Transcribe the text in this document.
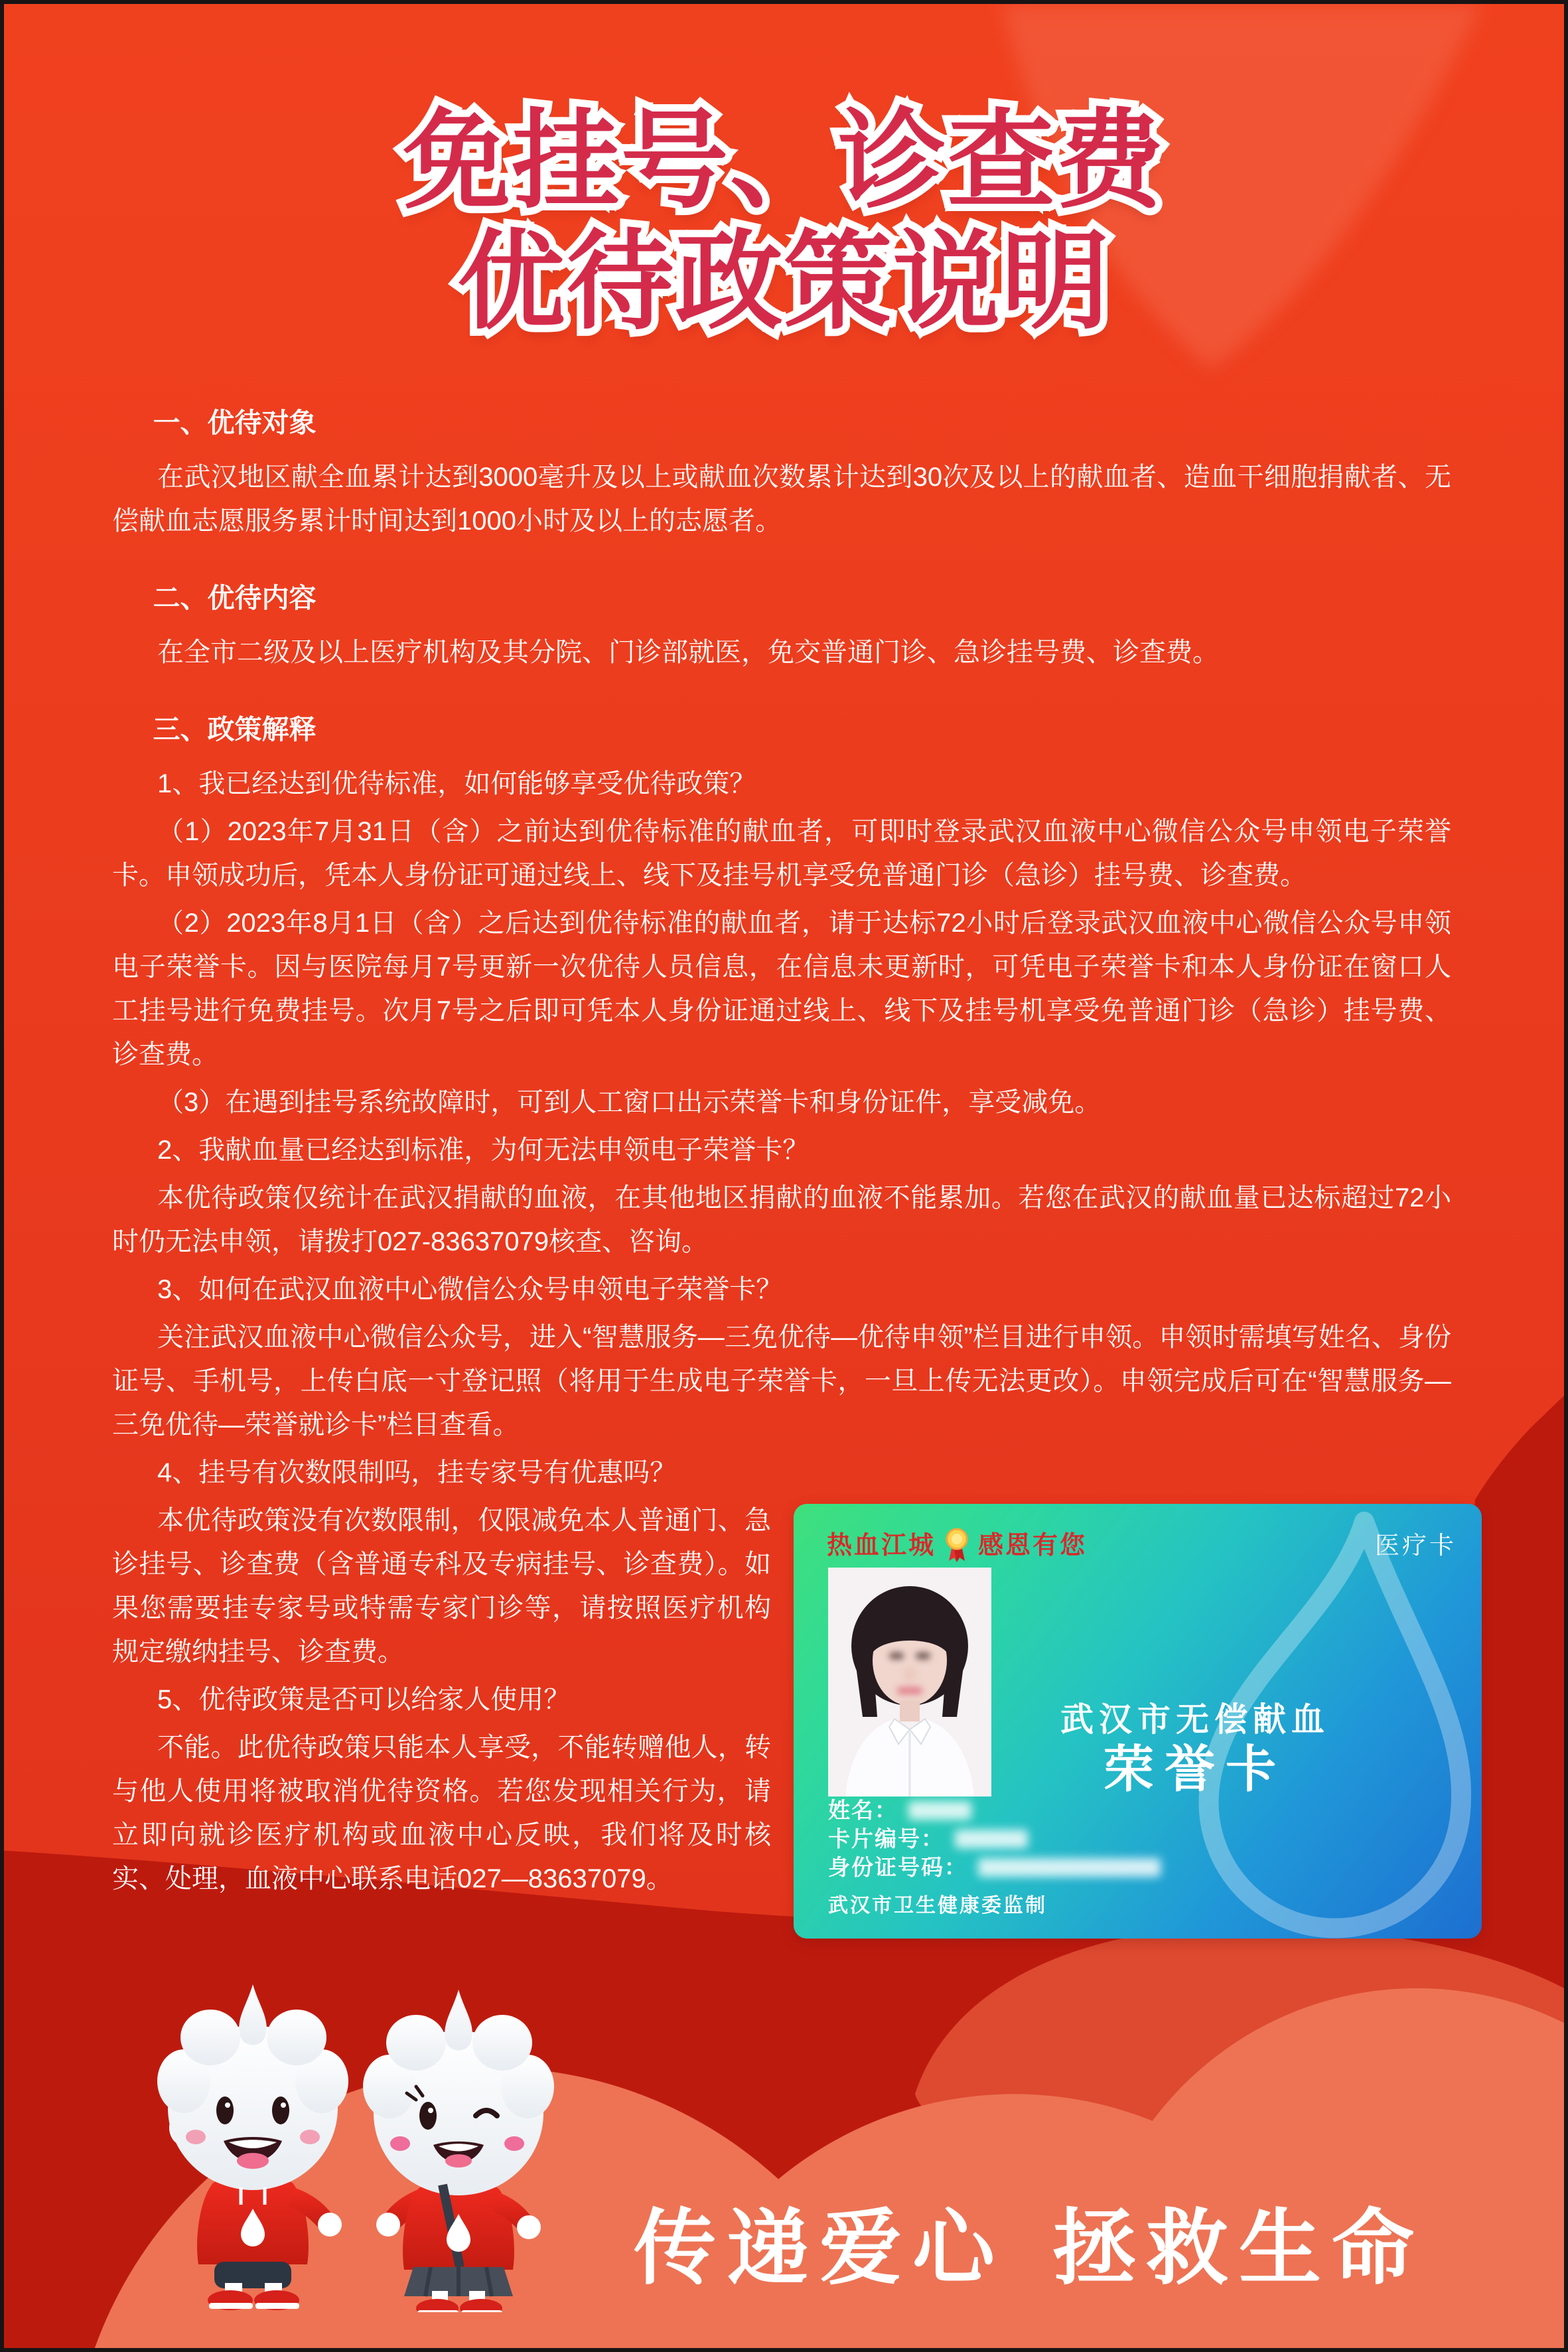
免挂号、诊查费 免挂号、诊查费
优待政策说明 优待政策说明
一、优待对象

在武汉地区献全血累计达到3000毫升及以上或献血次数累计达到30次及以上的献血者、造血干细胞捐献者、无偿献血志愿服务累计时间达到1000小时及以上的志愿者。

二、优待内容

在全市二级及以上医疗机构及其分院、门诊部就医，免交普通门诊、急诊挂号费、诊查费。

三、政策解释

1、我已经达到优待标准，如何能够享受优待政策？

（1）2023年7月31日（含）之前达到优待标准的献血者，可即时登录武汉血液中心微信公众号申领电子荣誉卡。申领成功后，凭本人身份证可通过线上、线下及挂号机享受免普通门诊（急诊）挂号费、诊查费。

（2）2023年8月1日（含）之后达到优待标准的献血者，请于达标72小时后登录武汉血液中心微信公众号申领电子荣誉卡。因与医院每月7号更新一次优待人员信息，在信息未更新时，可凭电子荣誉卡和本人身份证在窗口人工挂号进行免费挂号。次月7号之后即可凭本人身份证通过线上、线下及挂号机享受免普通门诊（急诊）挂号费、诊查费。

（3）在遇到挂号系统故障时，可到人工窗口出示荣誉卡和身份证件，享受减免。

2、我献血量已经达到标准，为何无法申领电子荣誉卡？

本优待政策仅统计在武汉捐献的血液，在其他地区捐献的血液不能累加。若您在武汉的献血量已达标超过72小时仍无法申领，请拨打027-83637079核查、咨询。

3、如何在武汉血液中心微信公众号申领电子荣誉卡？

关注武汉血液中心微信公众号，进入“智慧服务—三免优待—优待申领”栏目进行申领。申领时需填写姓名、身份证号、手机号，上传白底一寸登记照（将用于生成电子荣誉卡，一旦上传无法更改）。申领完成后可在“智慧服务—三免优待—荣誉就诊卡”栏目查看。

4、挂号有次数限制吗，挂专家号有优惠吗？

热血江城 感恩有您	医疗卡
武汉市无偿献血
荣誉卡
姓名：
卡片编号：
身份证号码：
武汉市卫生健康委监制

本优待政策没有次数限制，仅限减免本人普通门、急诊挂号、诊查费（含普通专科及专病挂号、诊查费）。如果您需要挂专家号或特需专家门诊等，请按照医疗机构规定缴纳挂号、诊查费。

5、优待政策是否可以给家人使用？

不能。此优待政策只能本人享受，不能转赠他人，转与他人使用将被取消优待资格。若您发现相关行为，请立即向就诊医疗机构或血液中心反映，我们将及时核实、处理，血液中心联系电话027—83637079。

传递爱心 拯救生命
